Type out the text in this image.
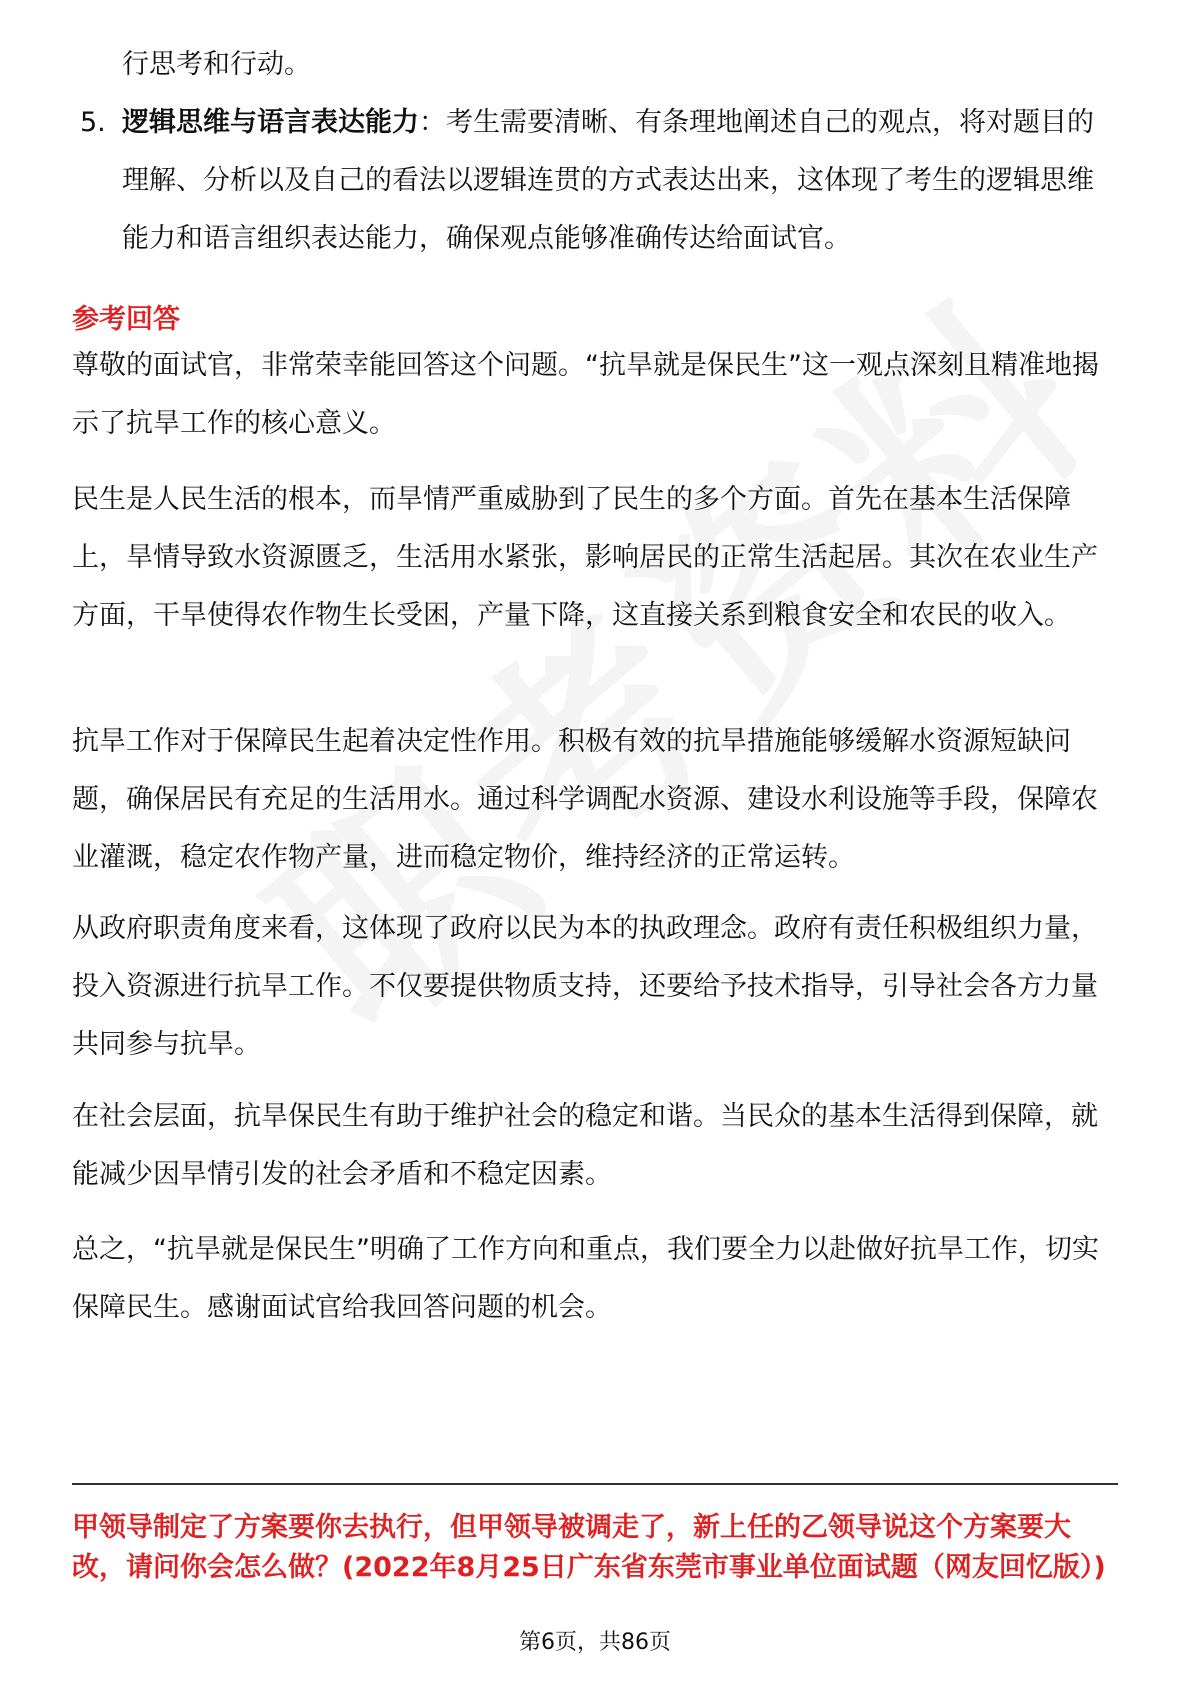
行思考和行动。

5. 逻辑思维与语言表达能力：考生需要清晰、有条理地阐述自己的观点，将对题目的理解、分析以及自己的看法以逻辑连贯的方式表达出来，这体现了考生的逻辑思维能力和语言组织表达能力，确保观点能够准确传达给面试官。
参考回答

尊敬的面试官，非常荣幸能回答这个问题。“抗旱就是保民生”这一观点深刻且精准地揭示了抗旱工作的核心意义。

民生是人民生活的根本，而旱情严重威胁到了民生的多个方面。首先在基本生活保障上，旱情导致水资源匮乏，生活用水紧张，影响居民的正常生活起居。其次在农业生产方面，干旱使得农作物生长受困，产量下降，这直接关系到粮食安全和农民的收入。

抗旱工作对于保障民生起着决定性作用。积极有效的抗旱措施能够缓解水资源短缺问题，确保居民有充足的生活用水。通过科学调配水资源、建设水利设施等手段，保障农业灌溉，稳定农作物产量，进而稳定物价，维持经济的正常运转。

从政府职责角度来看，这体现了政府以民为本的执政理念。政府有责任积极组织力量，投入资源进行抗旱工作。不仅要提供物质支持，还要给予技术指导，引导社会各方力量共同参与抗旱。

在社会层面，抗旱保民生有助于维护社会的稳定和谐。当民众的基本生活得到保障，就能减少因旱情引发的社会矛盾和不稳定因素。

总之，“抗旱就是保民生”明确了工作方向和重点，我们要全力以赴做好抗旱工作，切实保障民生。感谢面试官给我回答问题的机会。

甲领导制定了方案要你去执行，但甲领导被调走了，新上任的乙领导说这个方案要大改，请问你会怎么做？(2022年8月25日广东省东莞市事业单位面试题（网友回忆版）)

第6页，共86页
